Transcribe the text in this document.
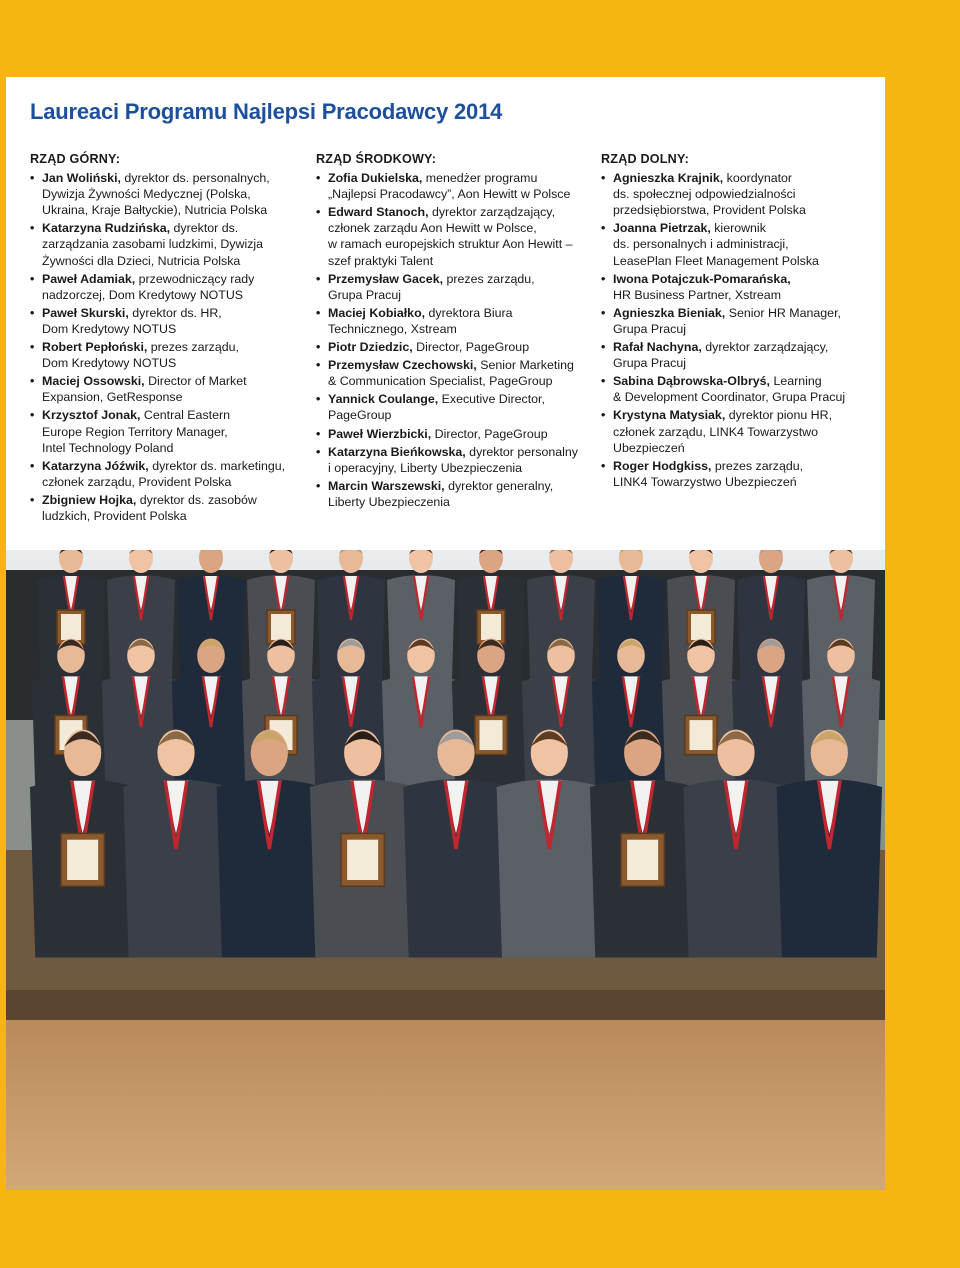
Laureaci Programu Najlepsi Pracodawcy 2014
RZĄD GÓRNY:
• Jan Woliński, dyrektor ds. personalnych,
Dywizja Żywności Medycznej (Polska,
Ukraina, Kraje Bałtyckie), Nutricia Polska
• Katarzyna Rudzińska, dyrektor ds.
zarządzania zasobami ludzkimi, Dywizja
Żywności dla Dzieci, Nutricia Polska
• Paweł Adamiak, przewodniczący rady
nadzorczej, Dom Kredytowy NOTUS
• Paweł Skurski, dyrektor ds. HR,
Dom Kredytowy NOTUS
• Robert Pepłoński, prezes zarządu,
Dom Kredytowy NOTUS
• Maciej Ossowski, Director of Market
Expansion, GetResponse
• Krzysztof Jonak, Central Eastern
Europe Region Territory Manager,
Intel Technology Poland
• Katarzyna Jóźwik, dyrektor ds. marketingu,
członek zarządu, Provident Polska
• Zbigniew Hojka, dyrektor ds. zasobów
ludzkich, Provident Polska
RZĄD ŚRODKOWY:
• Zofia Dukielska, menedżer programu
„Najlepsi Pracodawcy”, Aon Hewitt w Polsce
• Edward Stanoch, dyrektor zarządzający,
członek zarządu Aon Hewitt w Polsce,
w ramach europejskich struktur Aon Hewitt –
szef praktyki Talent
• Przemysław Gacek, prezes zarządu,
Grupa Pracuj
• Maciej Kobiałko, dyrektora Biura
Technicznego, Xstream
• Piotr Dziedzic, Director, PageGroup
• Przemysław Czechowski, Senior Marketing
& Communication Specialist, PageGroup
• Yannick Coulange, Executive Director,
PageGroup
• Paweł Wierzbicki, Director, PageGroup
• Katarzyna Bieńkowska, dyrektor personalny
i operacyjny, Liberty Ubezpieczenia
• Marcin Warszewski, dyrektor generalny,
Liberty Ubezpieczenia
RZĄD DOLNY:
• Agnieszka Krajnik, koordynator
ds. społecznej odpowiedzialności
przedsiębiorstwa, Provident Polska
• Joanna Pietrzak, kierownik
ds. personalnych i administracji,
LeasePlan Fleet Management Polska
• Iwona Potajczuk-Pomarańska,
HR Business Partner, Xstream
• Agnieszka Bieniak, Senior HR Manager,
Grupa Pracuj
• Rafał Nachyna, dyrektor zarządzający,
Grupa Pracuj
• Sabina Dąbrowska-Olbryś, Learning
& Development Coordinator, Grupa Pracuj
• Krystyna Matysiak, dyrektor pionu HR,
członek zarządu, LINK4 Towarzystwo
Ubezpieczeń
• Roger Hodgkiss, prezes zarządu,
LINK4 Towarzystwo Ubezpieczeń
